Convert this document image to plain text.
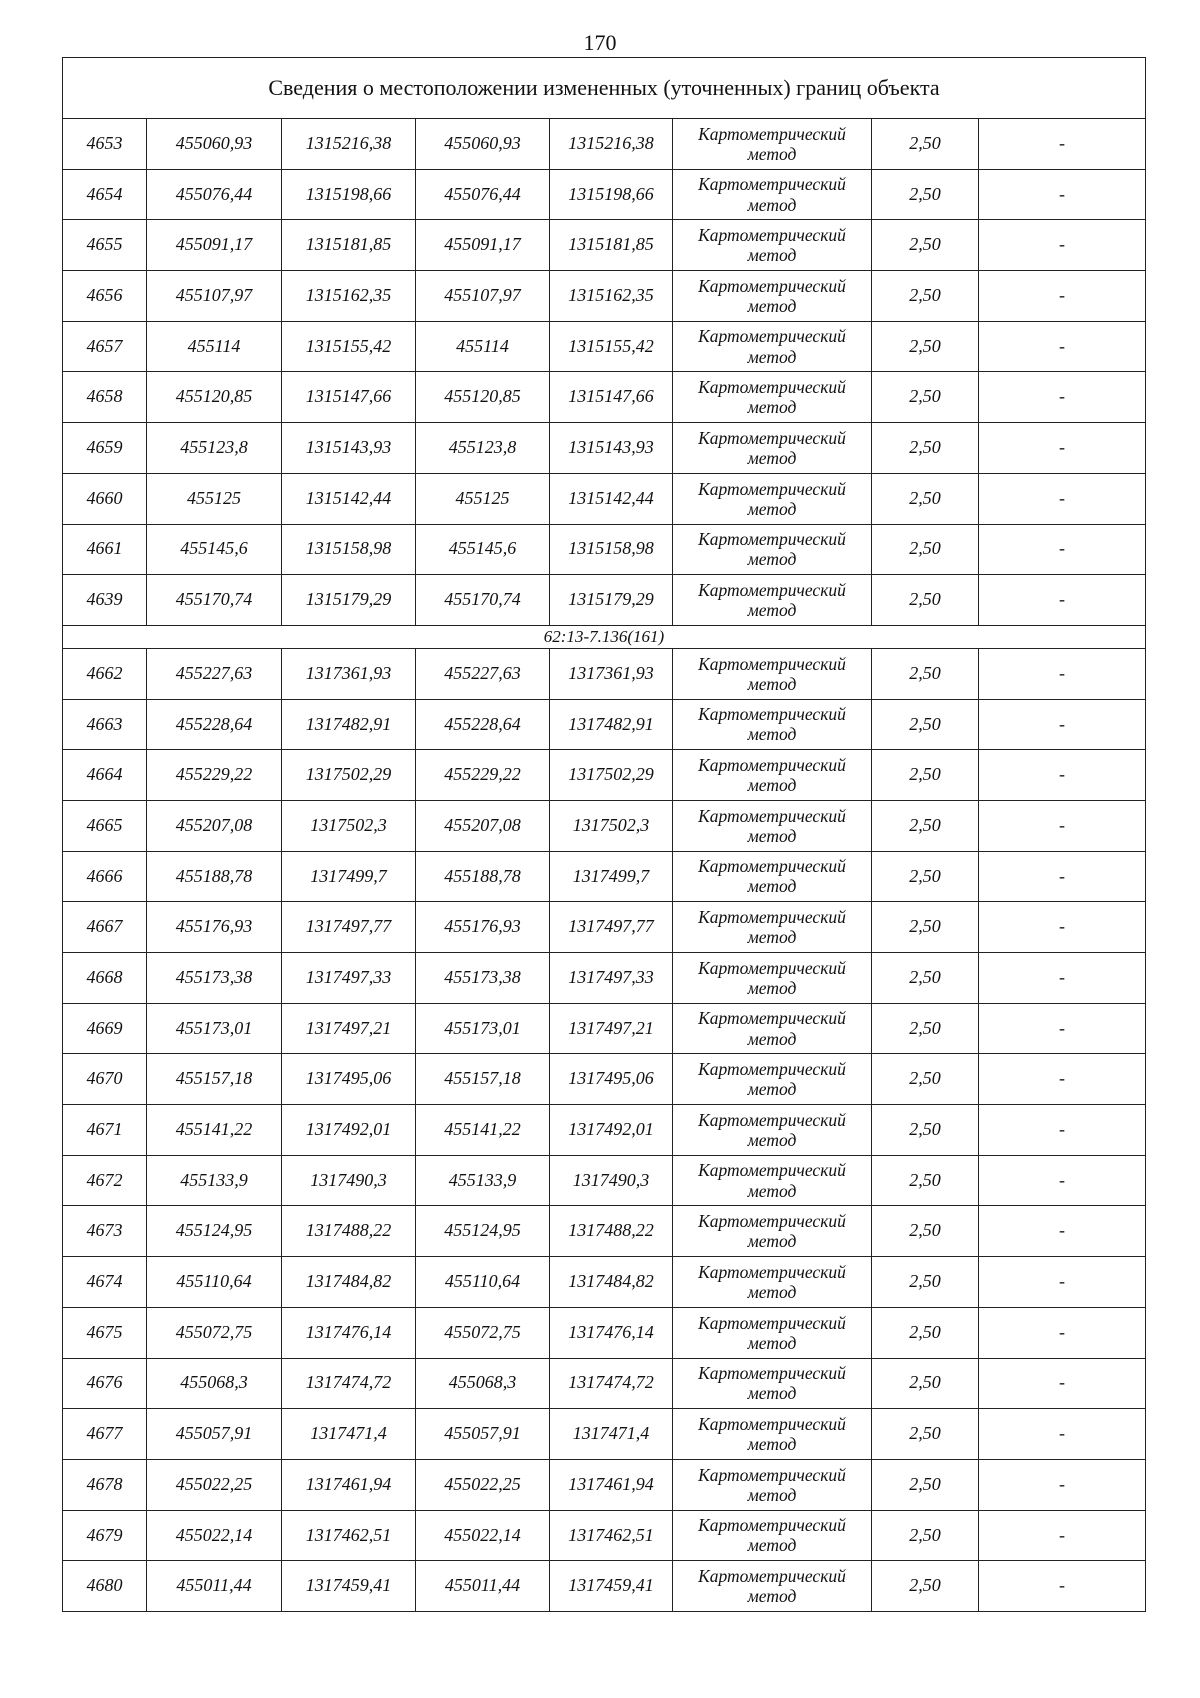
170
Сведения о местоположении измененных (уточненных) границ объекта							
4653	455060,93	1315216,38	455060,93	1315216,38	Картометрический
метод	2,50	-
4654	455076,44	1315198,66	455076,44	1315198,66	Картометрический
метод	2,50	-
4655	455091,17	1315181,85	455091,17	1315181,85	Картометрический
метод	2,50	-
4656	455107,97	1315162,35	455107,97	1315162,35	Картометрический
метод	2,50	-
4657	455114	1315155,42	455114	1315155,42	Картометрический
метод	2,50	-
4658	455120,85	1315147,66	455120,85	1315147,66	Картометрический
метод	2,50	-
4659	455123,8	1315143,93	455123,8	1315143,93	Картометрический
метод	2,50	-
4660	455125	1315142,44	455125	1315142,44	Картометрический
метод	2,50	-
4661	455145,6	1315158,98	455145,6	1315158,98	Картометрический
метод	2,50	-
4639	455170,74	1315179,29	455170,74	1315179,29	Картометрический
метод	2,50	-
62:13-7.136(161)							
4662	455227,63	1317361,93	455227,63	1317361,93	Картометрический
метод	2,50	-
4663	455228,64	1317482,91	455228,64	1317482,91	Картометрический
метод	2,50	-
4664	455229,22	1317502,29	455229,22	1317502,29	Картометрический
метод	2,50	-
4665	455207,08	1317502,3	455207,08	1317502,3	Картометрический
метод	2,50	-
4666	455188,78	1317499,7	455188,78	1317499,7	Картометрический
метод	2,50	-
4667	455176,93	1317497,77	455176,93	1317497,77	Картометрический
метод	2,50	-
4668	455173,38	1317497,33	455173,38	1317497,33	Картометрический
метод	2,50	-
4669	455173,01	1317497,21	455173,01	1317497,21	Картометрический
метод	2,50	-
4670	455157,18	1317495,06	455157,18	1317495,06	Картометрический
метод	2,50	-
4671	455141,22	1317492,01	455141,22	1317492,01	Картометрический
метод	2,50	-
4672	455133,9	1317490,3	455133,9	1317490,3	Картометрический
метод	2,50	-
4673	455124,95	1317488,22	455124,95	1317488,22	Картометрический
метод	2,50	-
4674	455110,64	1317484,82	455110,64	1317484,82	Картометрический
метод	2,50	-
4675	455072,75	1317476,14	455072,75	1317476,14	Картометрический
метод	2,50	-
4676	455068,3	1317474,72	455068,3	1317474,72	Картометрический
метод	2,50	-
4677	455057,91	1317471,4	455057,91	1317471,4	Картометрический
метод	2,50	-
4678	455022,25	1317461,94	455022,25	1317461,94	Картометрический
метод	2,50	-
4679	455022,14	1317462,51	455022,14	1317462,51	Картометрический
метод	2,50	-
4680	455011,44	1317459,41	455011,44	1317459,41	Картометрический
метод	2,50	-
